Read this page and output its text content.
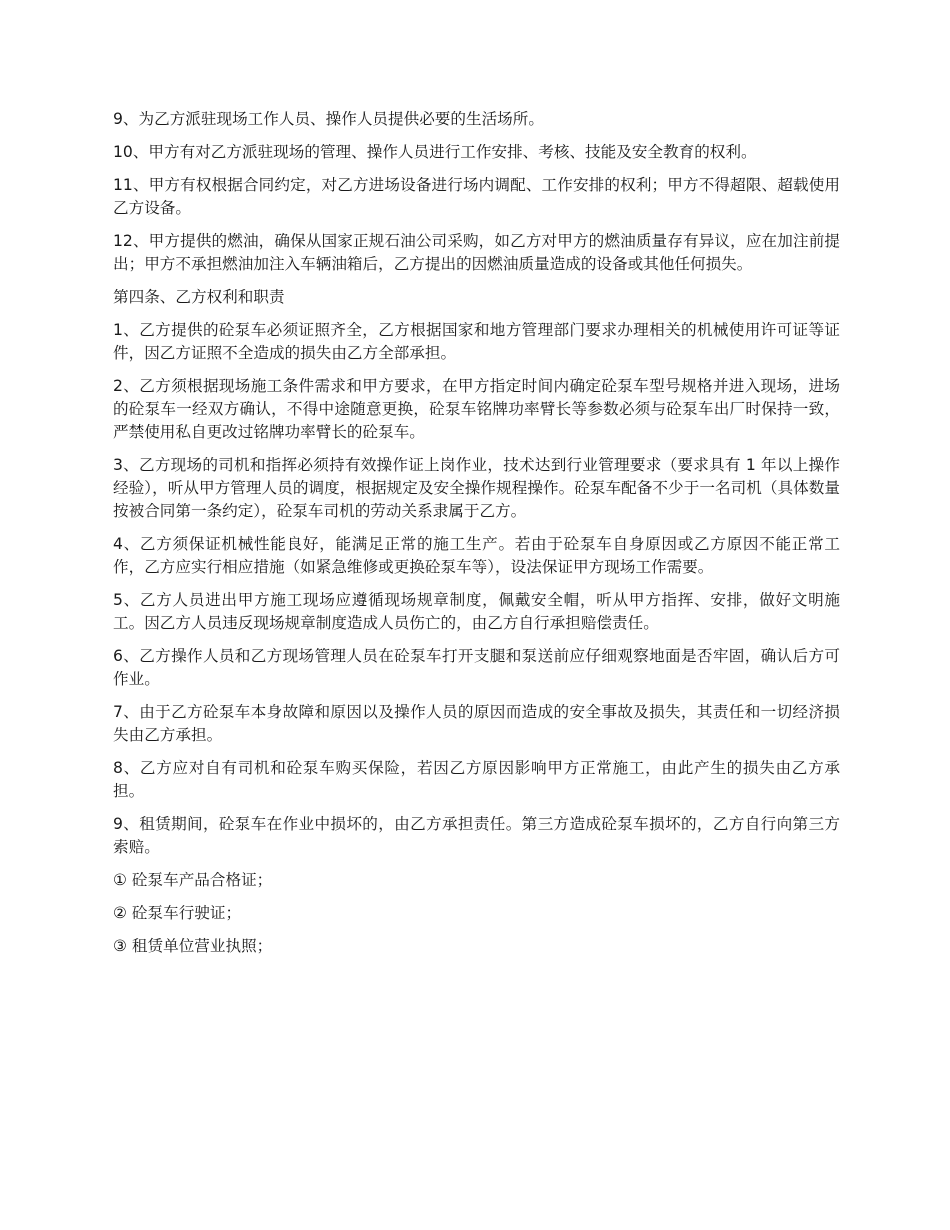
9、为乙方派驻现场工作人员、操作人员提供必要的生活场所。

10、甲方有对乙方派驻现场的管理、操作人员进行工作安排、考核、技能及安全教育的权利。

11、甲方有权根据合同约定，对乙方进场设备进行场内调配、工作安排的权利；甲方不得超限、超载使用乙方设备。

12、甲方提供的燃油，确保从国家正规石油公司采购，如乙方对甲方的燃油质量存有异议，应在加注前提出；甲方不承担燃油加注入车辆油箱后，乙方提出的因燃油质量造成的设备或其他任何损失。

第四条、乙方权利和职责

1、乙方提供的砼泵车必须证照齐全，乙方根据国家和地方管理部门要求办理相关的机械使用许可证等证件，因乙方证照不全造成的损失由乙方全部承担。

2、乙方须根据现场施工条件需求和甲方要求，在甲方指定时间内确定砼泵车型号规格并进入现场，进场的砼泵车一经双方确认，不得中途随意更换，砼泵车铭牌功率臂长等参数必须与砼泵车出厂时保持一致，严禁使用私自更改过铭牌功率臂长的砼泵车。

3、乙方现场的司机和指挥必须持有效操作证上岗作业，技术达到行业管理要求（要求具有 1 年以上操作经验），听从甲方管理人员的调度，根据规定及安全操作规程操作。砼泵车配备不少于一名司机（具体数量按被合同第一条约定），砼泵车司机的劳动关系隶属于乙方。

4、乙方须保证机械性能良好，能满足正常的施工生产。若由于砼泵车自身原因或乙方原因不能正常工作，乙方应实行相应措施（如紧急维修或更换砼泵车等），设法保证甲方现场工作需要。

5、乙方人员进出甲方施工现场应遵循现场规章制度，佩戴安全帽，听从甲方指挥、安排，做好文明施工。因乙方人员违反现场规章制度造成人员伤亡的，由乙方自行承担赔偿责任。

6、乙方操作人员和乙方现场管理人员在砼泵车打开支腿和泵送前应仔细观察地面是否牢固，确认后方可作业。

7、由于乙方砼泵车本身故障和原因以及操作人员的原因而造成的安全事故及损失，其责任和一切经济损失由乙方承担。

8、乙方应对自有司机和砼泵车购买保险，若因乙方原因影响甲方正常施工，由此产生的损失由乙方承担。

9、租赁期间，砼泵车在作业中损坏的，由乙方承担责任。第三方造成砼泵车损坏的，乙方自行向第三方索赔。

① 砼泵车产品合格证；

② 砼泵车行驶证；

③ 租赁单位营业执照；
